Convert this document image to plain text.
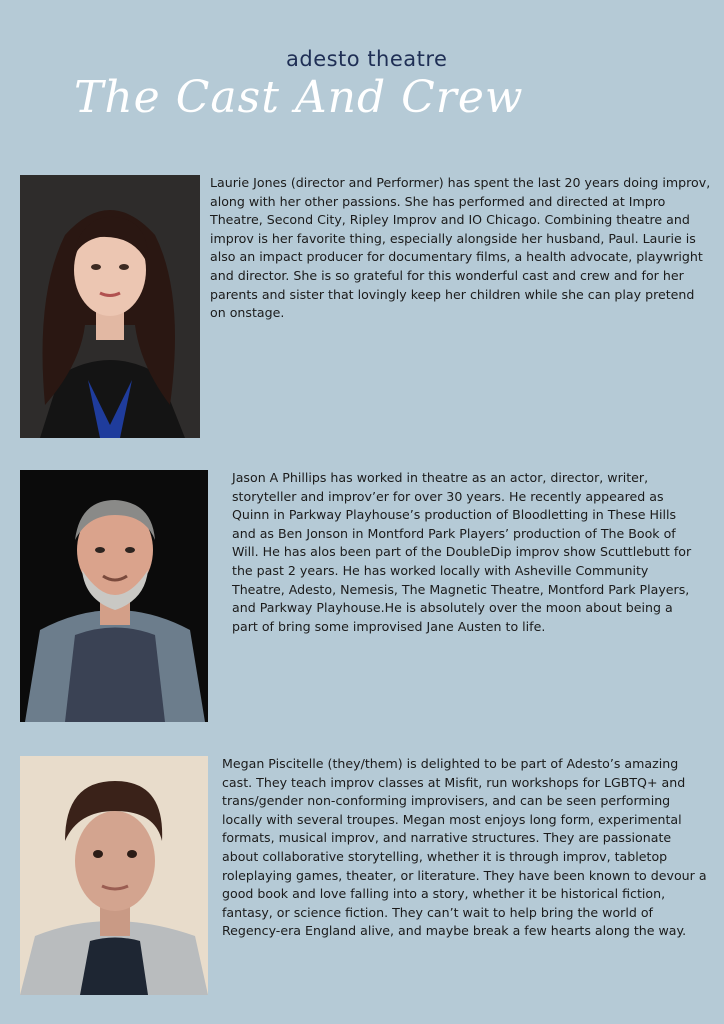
adesto theatre
The Cast And Crew

Laurie Jones (director and Performer) has spent the last 20 years doing improv, along with her other passions. She has performed and directed at Impro Theatre, Second City, Ripley Improv and IO Chicago. Combining theatre and improv is her favorite thing, especially alongside her husband, Paul. Laurie is also an impact producer for documentary films, a health advocate, playwright and director. She is so grateful for this wonderful cast and crew and for her parents and sister that lovingly keep her children while she can play pretend on onstage.

Jason A Phillips has worked in theatre as an actor, director, writer, storyteller and improv’er for over 30 years. He recently appeared as Quinn in Parkway Playhouse’s production of Bloodletting in These Hills and as Ben Jonson in Montford Park Players’ production of The Book of Will. He has alos been part of the DoubleDip improv show Scuttlebutt for the past 2 years. He has worked locally with Asheville Community Theatre, Adesto, Nemesis, The Magnetic Theatre, Montford Park Players, and Parkway Playhouse.He is absolutely over the moon about being a part of bring some improvised Jane Austen to life.

Megan Piscitelle (they/them) is delighted to be part of Adesto’s amazing cast. They teach improv classes at Misfit, run workshops for LGBTQ+ and trans/gender non-conforming improvisers, and can be seen performing locally with several troupes. Megan most enjoys long form, experimental formats, musical improv, and narrative structures. They are passionate about collaborative storytelling, whether it is through improv, tabletop roleplaying games, theater, or literature. They have been known to devour a good book and love falling into a story, whether it be historical fiction, fantasy, or science fiction. They can’t wait to help bring the world of Regency-era England alive, and maybe break a few hearts along the way.
